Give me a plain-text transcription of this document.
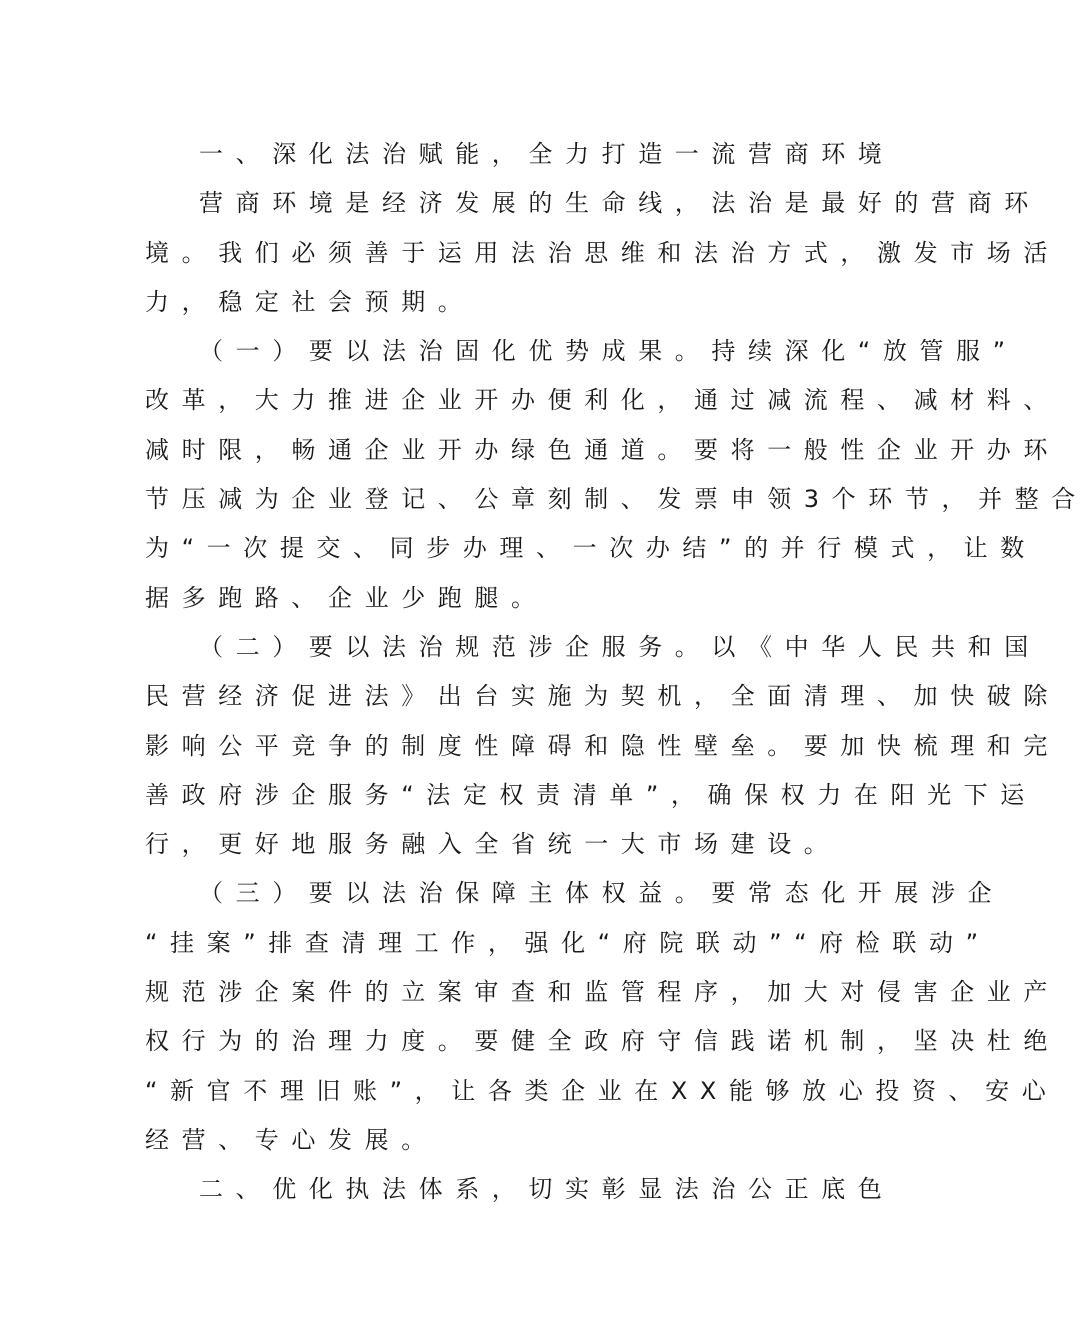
一、深化法治赋能，全力打造一流营商环境
营商环境是经济发展的生命线，法治是最好的营商环
境。我们必须善于运用法治思维和法治方式，激发市场活
力，稳定社会预期。
（一）要以法治固化优势成果。持续深化“放管服”
改革，大力推进企业开办便利化，通过减流程、减材料、
减时限，畅通企业开办绿色通道。要将一般性企业开办环
节压减为企业登记、公章刻制、发票申领3个环节，并整合
为“一次提交、同步办理、一次办结”的并行模式，让数
据多跑路、企业少跑腿。
（二）要以法治规范涉企服务。以《中华人民共和国
民营经济促进法》出台实施为契机，全面清理、加快破除
影响公平竞争的制度性障碍和隐性壁垒。要加快梳理和完
善政府涉企服务“法定权责清单”，确保权力在阳光下运
行，更好地服务融入全省统一大市场建设。
（三）要以法治保障主体权益。要常态化开展涉企
“挂案”排查清理工作，强化“府院联动”“府检联动”
规范涉企案件的立案审查和监管程序，加大对侵害企业产
权行为的治理力度。要健全政府守信践诺机制，坚决杜绝
“新官不理旧账”，让各类企业在XX能够放心投资、安心
经营、专心发展。
二、优化执法体系，切实彰显法治公正底色
